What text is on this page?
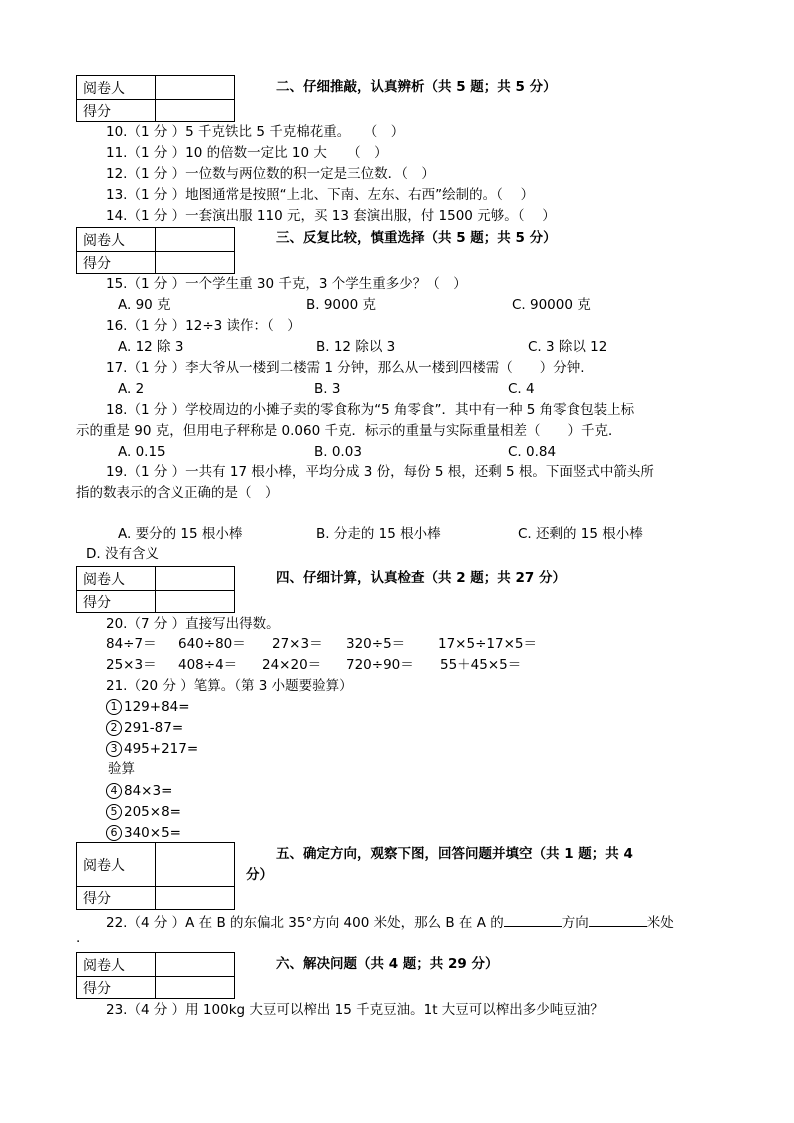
阅卷人	
得分	
二、仔细推敲，认真辨析（共 5 题；共 5 分）
10.（1 分 ）5 千克铁比 5 千克棉花重。　　（　）
11.（1 分 ）10 的倍数一定比 10 大　　（　）
12.（1 分 ）一位数与两位数的积一定是三位数．（　）
13.（1 分 ）地图通常是按照“上北、下南、左东、右西”绘制的。（　 ）
14.（1 分 ）一套演出服 110 元，买 13 套演出服，付 1500 元够。（　 ）
阅卷人	
得分	
三、反复比较，慎重选择（共 5 题；共 5 分）
15.（1 分 ）一个学生重 30 千克，3 个学生重多少？（　）
A. 90 克	B. 9000 克	C. 90000 克
16.（1 分 ）12÷3 读作：（　）
A. 12 除 3	B. 12 除以 3	C. 3 除以 12
17.（1 分 ）李大爷从一楼到二楼需 1 分钟，那么从一楼到四楼需（　　）分钟.
A. 2	B. 3	C. 4
18.（1 分 ）学校周边的小摊子卖的零食称为“5 角零食”．其中有一种 5 角零食包装上标
示的重是 90 克，但用电子秤称是 0.060 千克．标示的重量与实际重量相差（　　）千克．
A. 0.15	B. 0.03	C. 0.84
19.（1 分 ）一共有 17 根小棒，平均分成 3 份，每份 5 根，还剩 5 根。下面竖式中箭头所
指的数表示的含义正确的是（　）
A. 要分的 15 根小棒	B. 分走的 15 根小棒	C. 还剩的 15 根小棒
D. 没有含义
阅卷人	
得分	
四、仔细计算，认真检查（共 2 题；共 27 分）
20.（7 分 ）直接写出得数。
84÷7＝ 640÷80＝ 27×3＝ 320÷5＝ 17×5÷17×5＝
25×3＝ 408÷4＝ 24×20＝ 720÷90＝ 55＋45×5＝
21.（20 分 ）笔算。（第 3 小题要验算）
1 129+84=
2 291-87=
3 495+217=
验算
4 84×3=
5 205×8=
6 340×5=
阅卷人	
得分	
五、确定方向，观察下图，回答问题并填空（共 1 题；共 4
分）
22.（4 分 ）A 在 B 的东偏北 35°方向 400 米处，那么 B 在 A 的	方向	米处
.
阅卷人	
得分	
六、解决问题（共 4 题；共 29 分）
23.（4 分 ）用 100kg 大豆可以榨出 15 千克豆油。1t 大豆可以榨出多少吨豆油？
